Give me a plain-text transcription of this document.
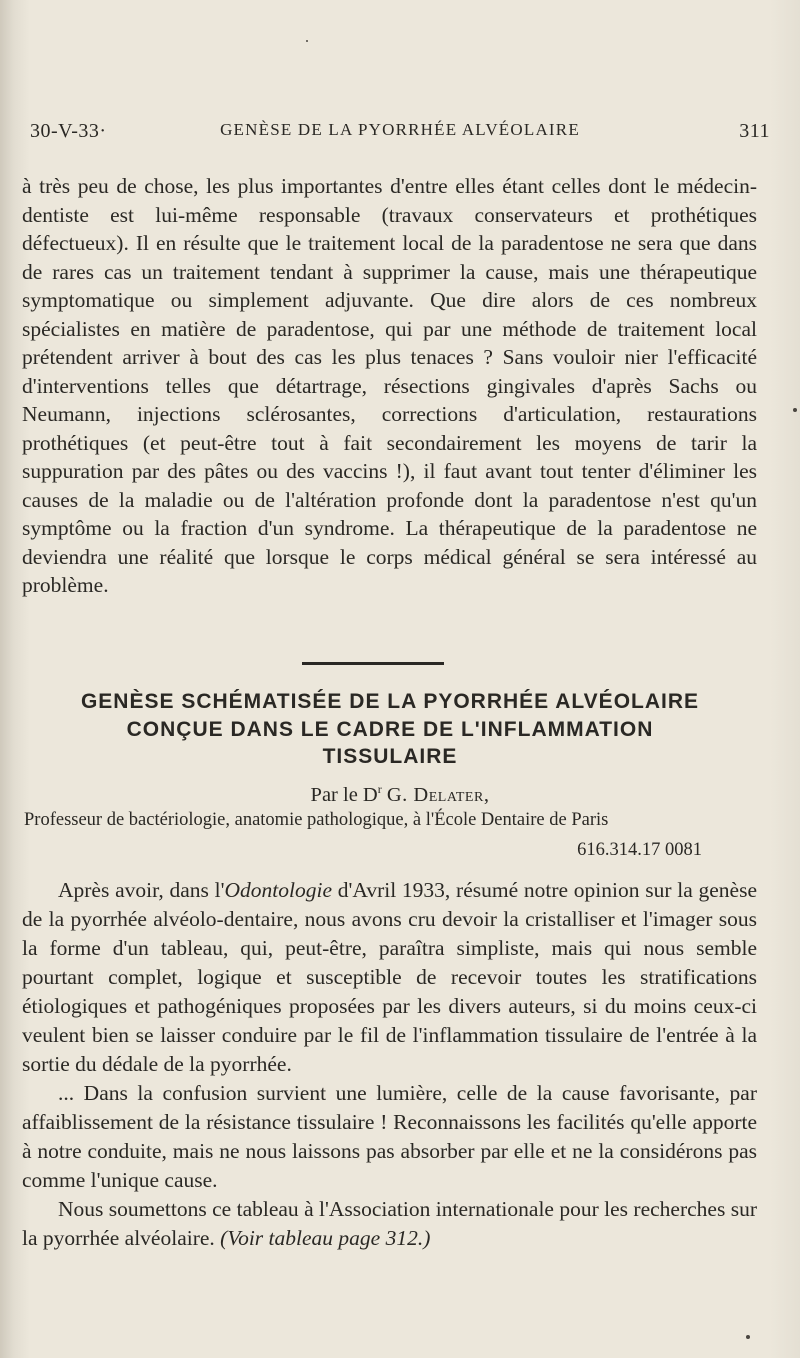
30-V-33·	GENÈSE DE LA PYORRHÉE ALVÉOLAIRE	311

à très peu de chose, les plus importantes d'entre elles étant celles dont le médecin-dentiste est lui-même responsable (travaux conservateurs et prothétiques défectueux). Il en résulte que le traitement local de la paradentose ne sera que dans de rares cas un traitement tendant à supprimer la cause, mais une thérapeutique symptomatique ou simplement adjuvante. Que dire alors de ces nombreux spécialistes en matière de paradentose, qui par une méthode de traitement local prétendent arriver à bout des cas les plus tenaces ? Sans vouloir nier l'efficacité d'interventions telles que détartrage, résections gingivales d'après Sachs ou Neumann, injections sclérosantes, corrections d'articulation, restaurations prothétiques (et peut-être tout à fait secondairement les moyens de tarir la suppuration par des pâtes ou des vaccins !), il faut avant tout tenter d'éliminer les causes de la maladie ou de l'altération profonde dont la paradentose n'est qu'un symptôme ou la fraction d'un syndrome. La thérapeutique de la paradentose ne deviendra une réalité que lorsque le corps médical général se sera intéressé au problème.

GENÈSE SCHÉMATISÉE DE LA PYORRHÉE ALVÉOLAIRE
CONÇUE DANS LE CADRE DE L'INFLAMMATION
TISSULAIRE

Par le $D^r$ G. Delater,

Professeur de bactériologie, anatomie pathologique, à l'École Dentaire de Paris

616.314.17 0081

Après avoir, dans l'Odontologie d'Avril 1933, résumé notre opinion sur la genèse de la pyorrhée alvéolo-dentaire, nous avons cru devoir la cristalliser et l'imager sous la forme d'un tableau, qui, peut-être, paraîtra simpliste, mais qui nous semble pourtant complet, logique et susceptible de recevoir toutes les stratifications étiologiques et pathogéniques proposées par les divers auteurs, si du moins ceux-ci veulent bien se laisser conduire par le fil de l'inflammation tissulaire de l'entrée à la sortie du dédale de la pyorrhée.

... Dans la confusion survient une lumière, celle de la cause favorisante, par affaiblissement de la résistance tissulaire ! Reconnaissons les facilités qu'elle apporte à notre conduite, mais ne nous laissons pas absorber par elle et ne la considérons pas comme l'unique cause.

Nous soumettons ce tableau à l'Association internationale pour les recherches sur la pyorrhée alvéolaire. (Voir tableau page 312.)
